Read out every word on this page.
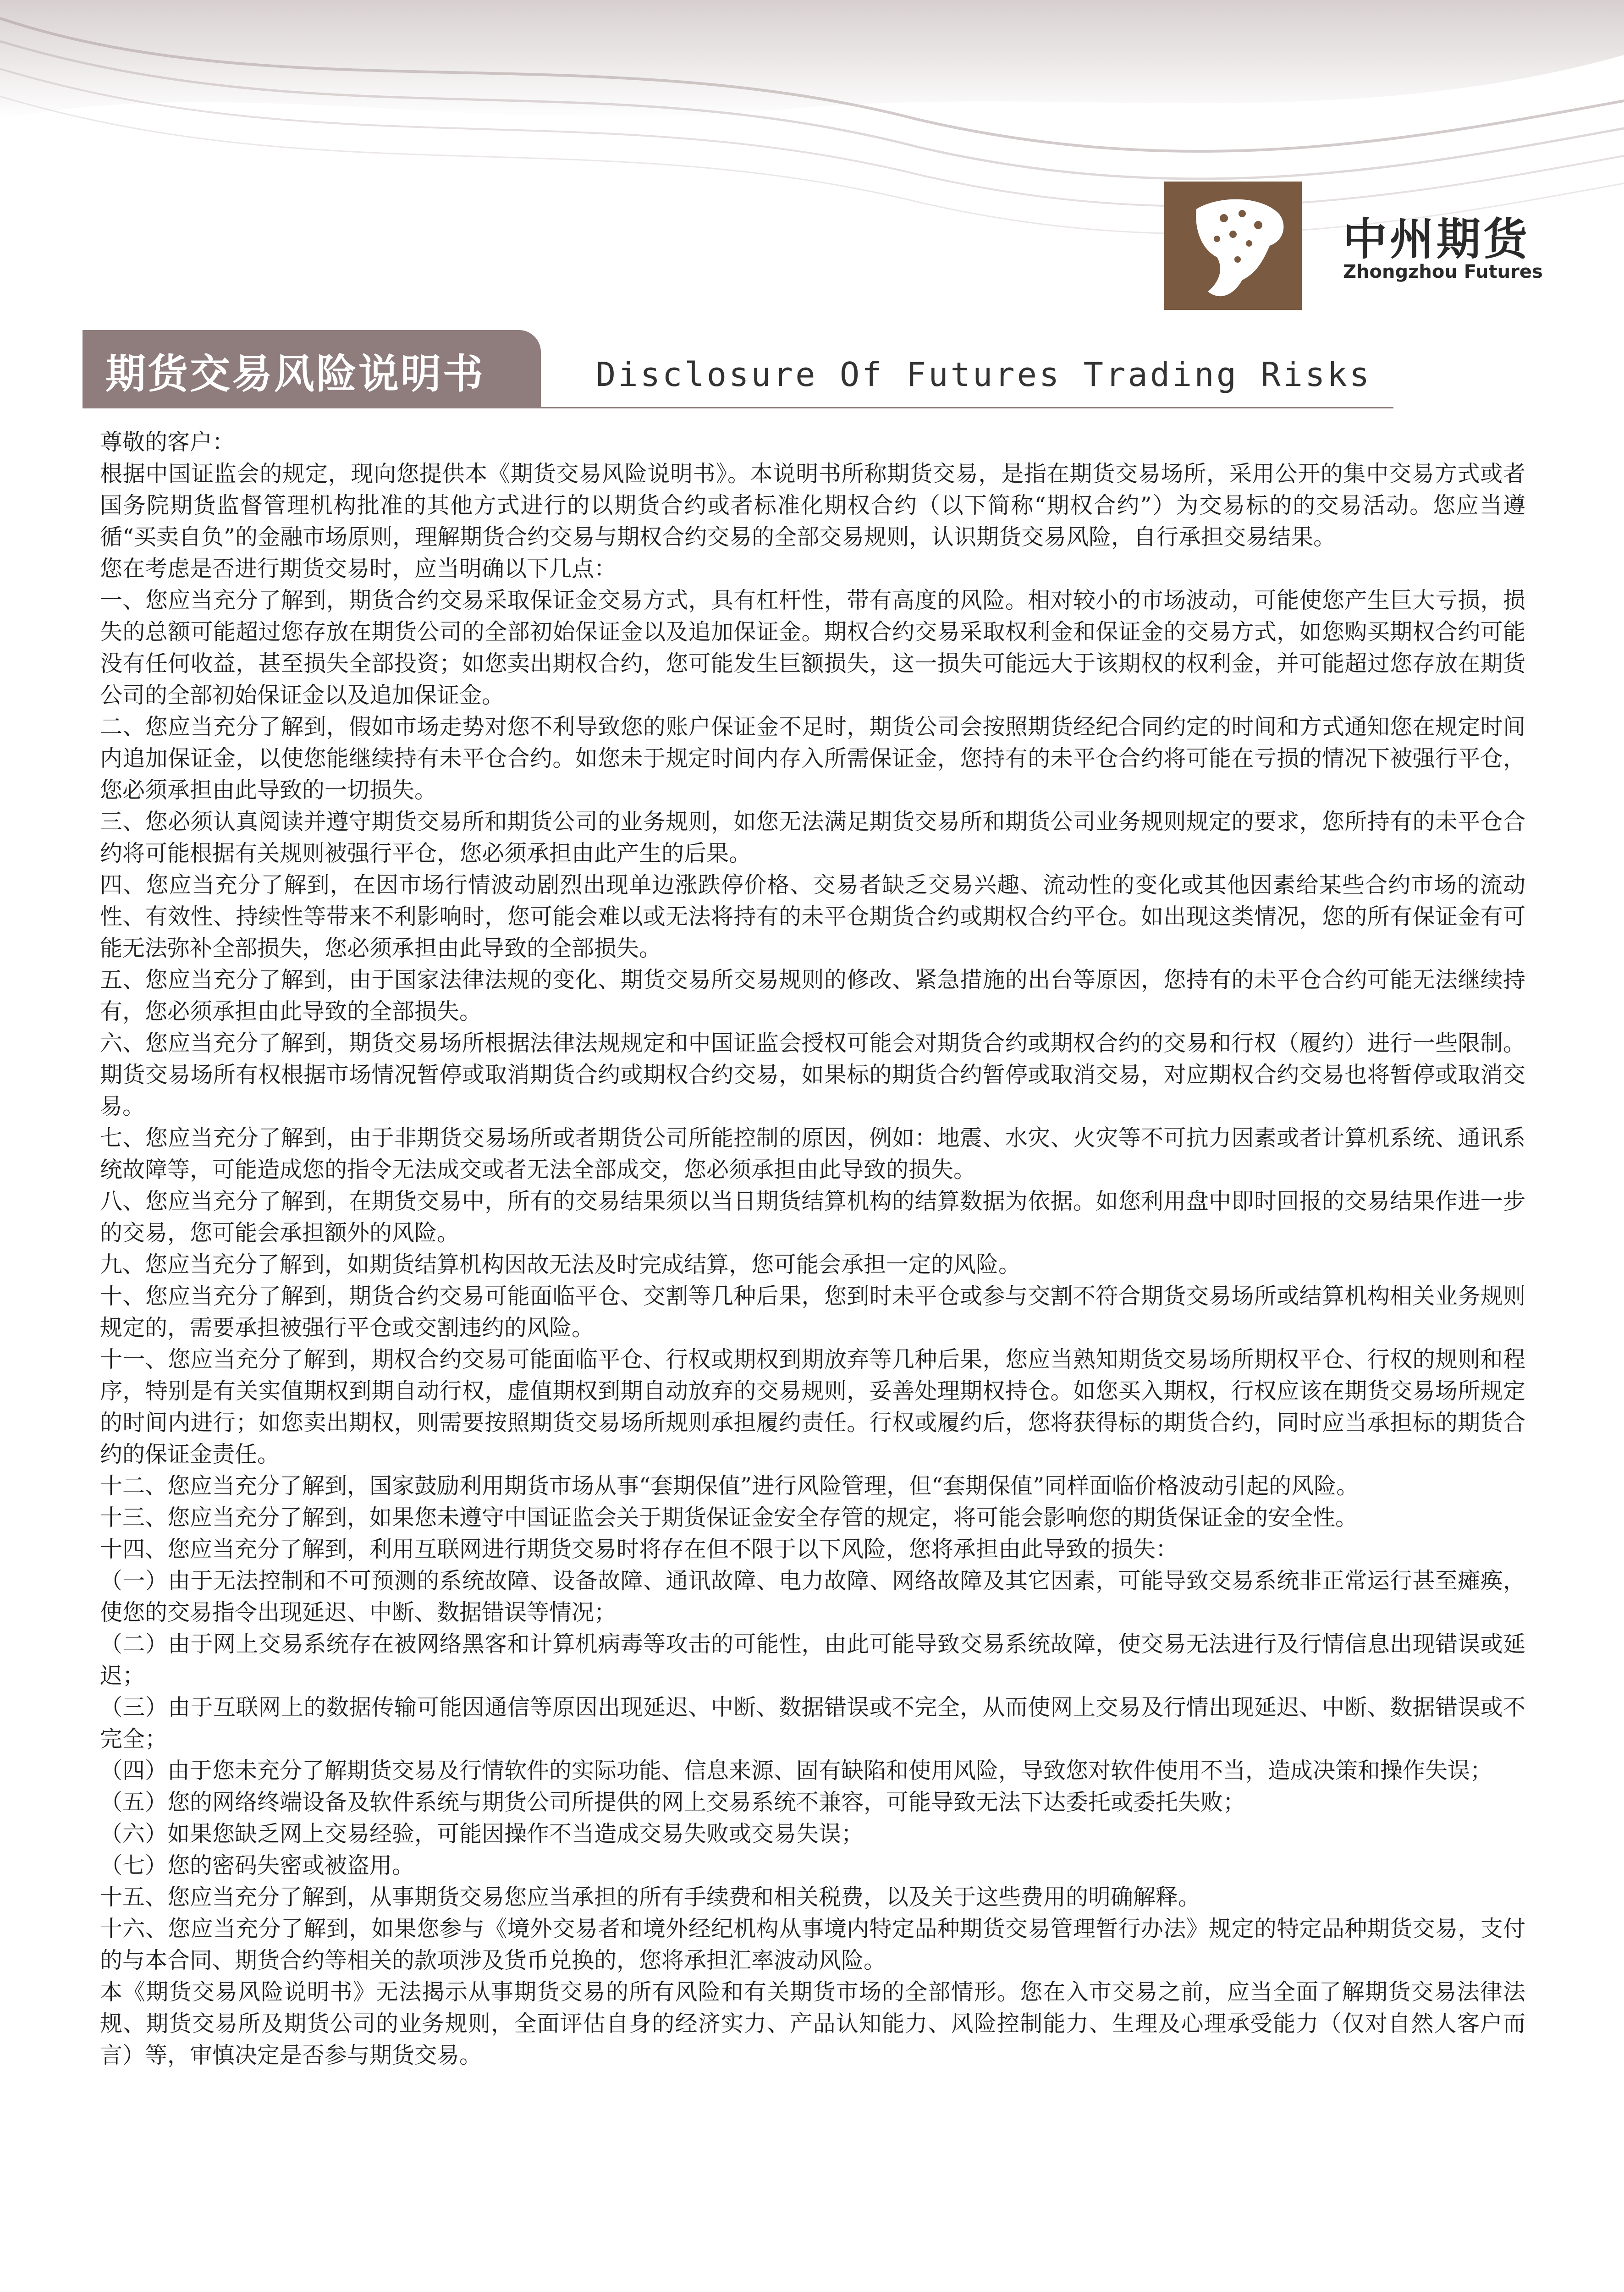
中州期货
Zhongzhou Futures
期货交易风险说明书	Disclosure Of Futures Trading Risks

尊敬的客户：

根据中国证监会的规定，现向您提供本《期货交易风险说明书》。本说明书所称期货交易，是指在期货交易场所，采用公开的集中交易方式或者国务院期货监督管理机构批准的其他方式进行的以期货合约或者标准化期权合约（以下简称“期权合约”）为交易标的的交易活动。您应当遵循“买卖自负”的金融市场原则，理解期货合约交易与期权合约交易的全部交易规则，认识期货交易风险，自行承担交易结果。

您在考虑是否进行期货交易时，应当明确以下几点：

一、您应当充分了解到，期货合约交易采取保证金交易方式，具有杠杆性，带有高度的风险。相对较小的市场波动，可能使您产生巨大亏损，损失的总额可能超过您存放在期货公司的全部初始保证金以及追加保证金。期权合约交易采取权利金和保证金的交易方式，如您购买期权合约可能没有任何收益，甚至损失全部投资；如您卖出期权合约，您可能发生巨额损失，这一损失可能远大于该期权的权利金，并可能超过您存放在期货公司的全部初始保证金以及追加保证金。

二、您应当充分了解到，假如市场走势对您不利导致您的账户保证金不足时，期货公司会按照期货经纪合同约定的时间和方式通知您在规定时间内追加保证金，以使您能继续持有未平仓合约。如您未于规定时间内存入所需保证金，您持有的未平仓合约将可能在亏损的情况下被强行平仓，您必须承担由此导致的一切损失。

三、您必须认真阅读并遵守期货交易所和期货公司的业务规则，如您无法满足期货交易所和期货公司业务规则规定的要求，您所持有的未平仓合约将可能根据有关规则被强行平仓，您必须承担由此产生的后果。

四、您应当充分了解到，在因市场行情波动剧烈出现单边涨跌停价格、交易者缺乏交易兴趣、流动性的变化或其他因素给某些合约市场的流动性、有效性、持续性等带来不利影响时，您可能会难以或无法将持有的未平仓期货合约或期权合约平仓。如出现这类情况，您的所有保证金有可能无法弥补全部损失，您必须承担由此导致的全部损失。

五、您应当充分了解到，由于国家法律法规的变化、期货交易所交易规则的修改、紧急措施的出台等原因，您持有的未平仓合约可能无法继续持有，您必须承担由此导致的全部损失。

六、您应当充分了解到，期货交易场所根据法律法规规定和中国证监会授权可能会对期货合约或期权合约的交易和行权（履约）进行一些限制。期货交易场所有权根据市场情况暂停或取消期货合约或期权合约交易，如果标的期货合约暂停或取消交易，对应期权合约交易也将暂停或取消交易。

七、您应当充分了解到，由于非期货交易场所或者期货公司所能控制的原因，例如：地震、水灾、火灾等不可抗力因素或者计算机系统、通讯系统故障等，可能造成您的指令无法成交或者无法全部成交，您必须承担由此导致的损失。

八、您应当充分了解到，在期货交易中，所有的交易结果须以当日期货结算机构的结算数据为依据。如您利用盘中即时回报的交易结果作进一步的交易，您可能会承担额外的风险。

九、您应当充分了解到，如期货结算机构因故无法及时完成结算，您可能会承担一定的风险。

十、您应当充分了解到，期货合约交易可能面临平仓、交割等几种后果，您到时未平仓或参与交割不符合期货交易场所或结算机构相关业务规则规定的，需要承担被强行平仓或交割违约的风险。

十一、您应当充分了解到，期权合约交易可能面临平仓、行权或期权到期放弃等几种后果，您应当熟知期货交易场所期权平仓、行权的规则和程序，特别是有关实值期权到期自动行权，虚值期权到期自动放弃的交易规则，妥善处理期权持仓。如您买入期权，行权应该在期货交易场所规定的时间内进行；如您卖出期权，则需要按照期货交易场所规则承担履约责任。行权或履约后，您将获得标的期货合约，同时应当承担标的期货合约的保证金责任。

十二、您应当充分了解到，国家鼓励利用期货市场从事“套期保值”进行风险管理，但“套期保值”同样面临价格波动引起的风险。

十三、您应当充分了解到，如果您未遵守中国证监会关于期货保证金安全存管的规定，将可能会影响您的期货保证金的安全性。

十四、您应当充分了解到，利用互联网进行期货交易时将存在但不限于以下风险，您将承担由此导致的损失：

（一）由于无法控制和不可预测的系统故障、设备故障、通讯故障、电力故障、网络故障及其它因素，可能导致交易系统非正常运行甚至瘫痪，使您的交易指令出现延迟、中断、数据错误等情况；

（二）由于网上交易系统存在被网络黑客和计算机病毒等攻击的可能性，由此可能导致交易系统故障，使交易无法进行及行情信息出现错误或延迟；

（三）由于互联网上的数据传输可能因通信等原因出现延迟、中断、数据错误或不完全，从而使网上交易及行情出现延迟、中断、数据错误或不完全；

（四）由于您未充分了解期货交易及行情软件的实际功能、信息来源、固有缺陷和使用风险，导致您对软件使用不当，造成决策和操作失误；

（五）您的网络终端设备及软件系统与期货公司所提供的网上交易系统不兼容，可能导致无法下达委托或委托失败；

（六）如果您缺乏网上交易经验，可能因操作不当造成交易失败或交易失误；

（七）您的密码失密或被盗用。

十五、您应当充分了解到，从事期货交易您应当承担的所有手续费和相关税费，以及关于这些费用的明确解释。

十六、您应当充分了解到，如果您参与《境外交易者和境外经纪机构从事境内特定品种期货交易管理暂行办法》规定的特定品种期货交易，支付的与本合同、期货合约等相关的款项涉及货币兑换的，您将承担汇率波动风险。

本《期货交易风险说明书》无法揭示从事期货交易的所有风险和有关期货市场的全部情形。您在入市交易之前，应当全面了解期货交易法律法规、期货交易所及期货公司的业务规则，全面评估自身的经济实力、产品认知能力、风险控制能力、生理及心理承受能力（仅对自然人客户而言）等，审慎决定是否参与期货交易。
